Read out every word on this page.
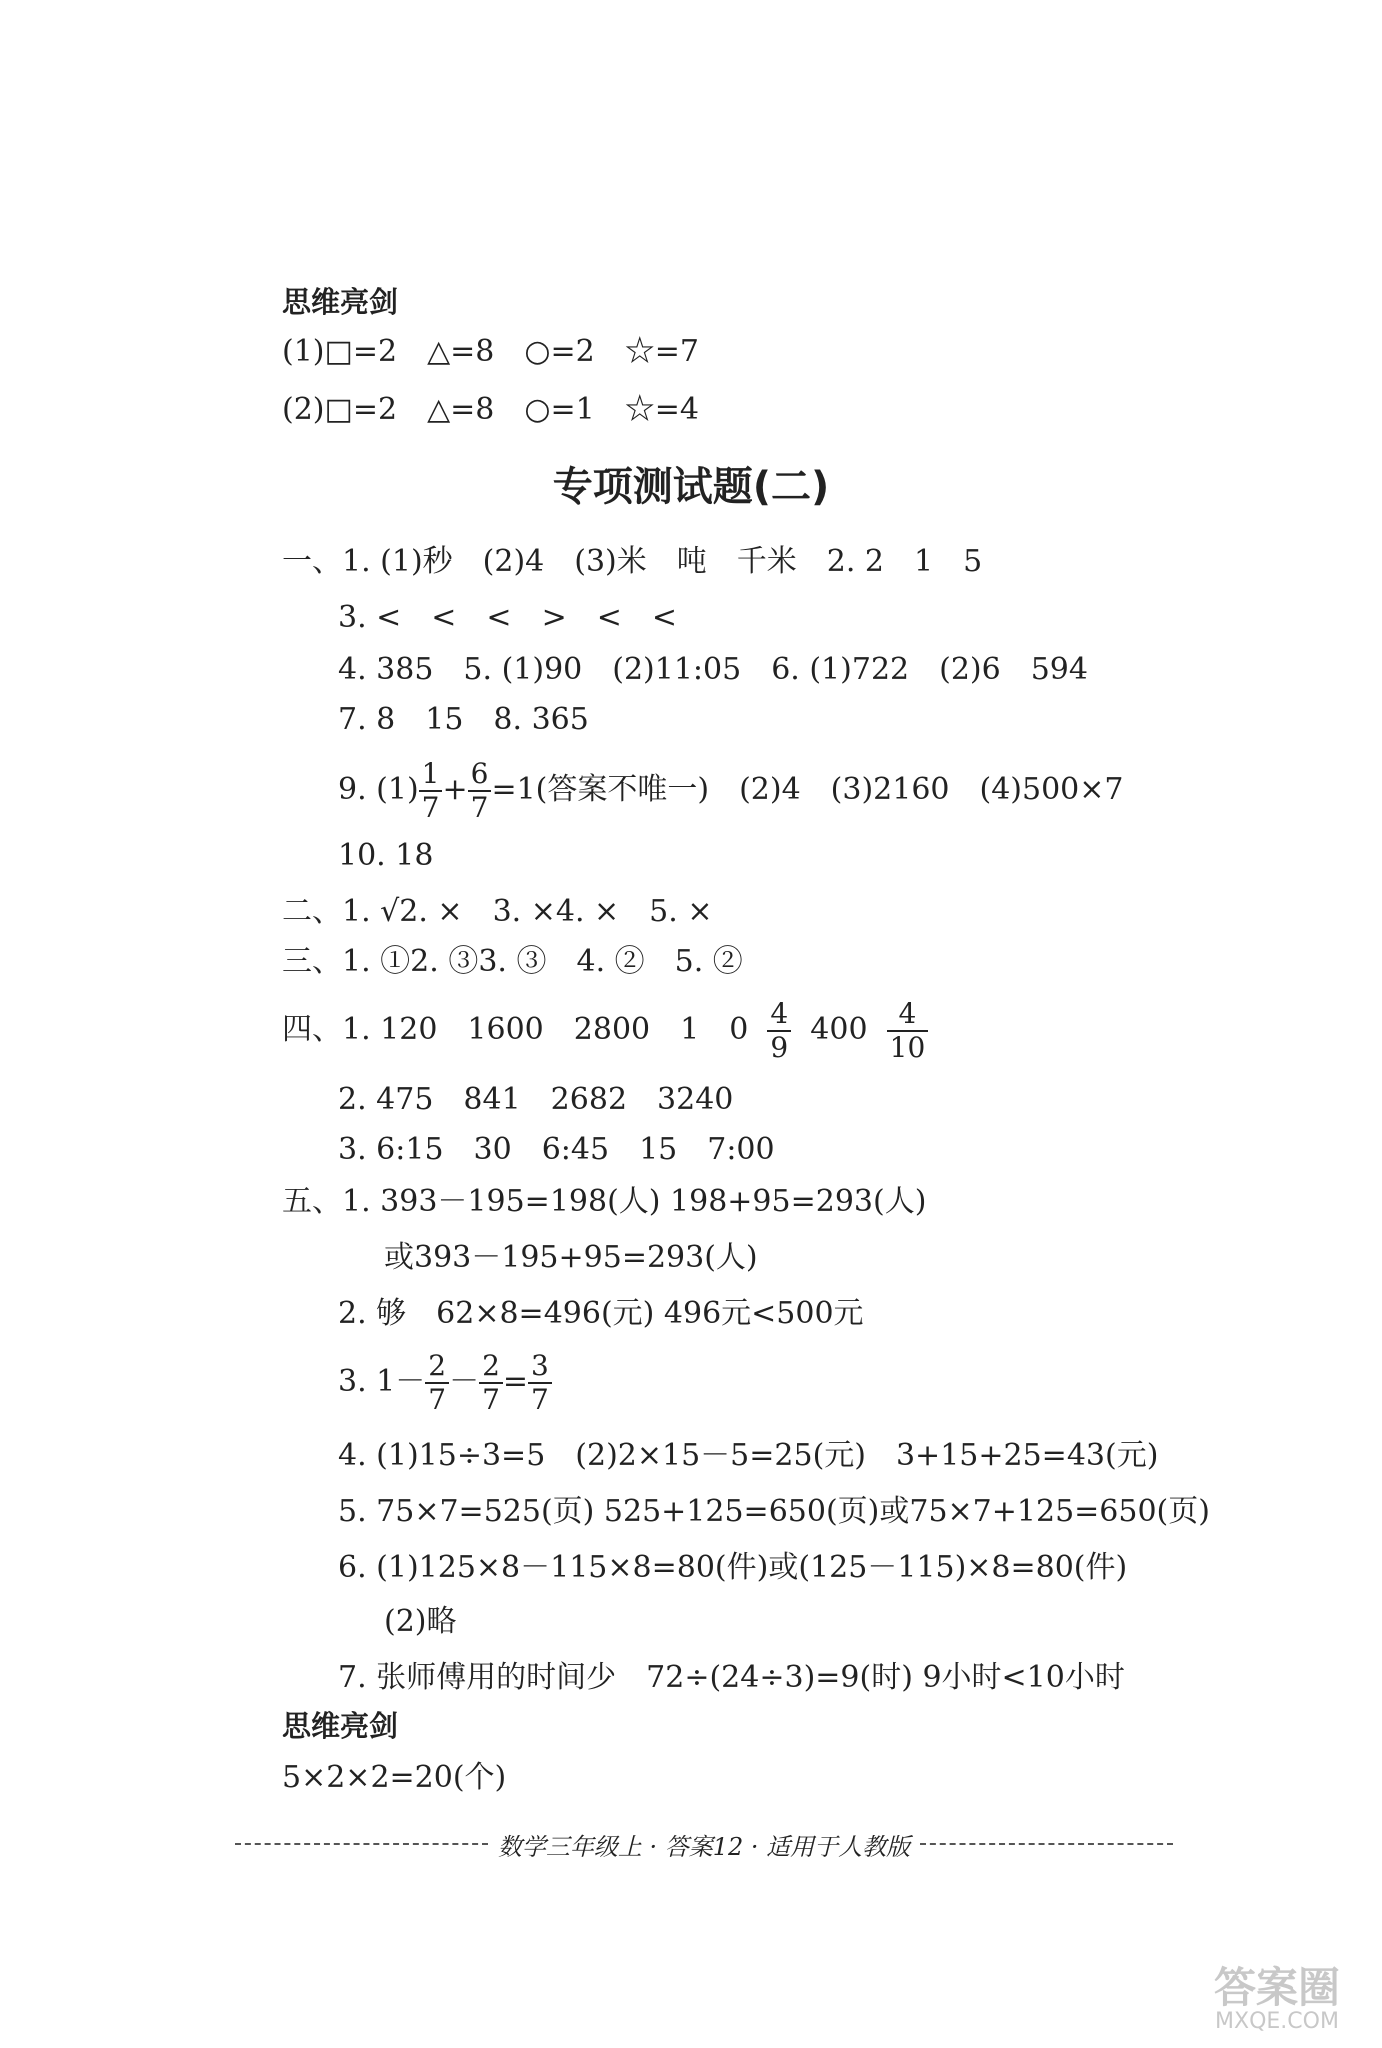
思维亮剑
(1)□=2　△=8　○=2　☆=7
(2)□=2　△=8　○=1　☆=4
专项测试题(二)
一、1. (1)秒　(2)4　(3)米　吨　千米　2. 2　1　5
3. <　<　<　>　<　<
4. 385　5. (1)90　(2)11:05　6. (1)722　(2)6　594
7. 8　15　8. 365
9. $(1) \frac{1}{7} + \frac{6}{7} =1$(答案不唯一)　(2)4　(3)2160　(4)500×7
10. 18
二、1. √2. ×　3. ×4. ×　5. ×
三、1. ①2. ③3. ③　4. ②　5. ②
四、1. 120　1600　2800　1　$0 \frac{4}{9} 400 \frac{4}{10}$
2. 475　841　2682　3240
3. 6:15　30　6:45　15　7:00
五、1. 393－195=198(人) 198+95=293(人)
或393－195+95=293(人)
2. 够　62×8=496(元) 496元<500元
3. $1- \frac{2}{7} - \frac{2}{7} = \frac{3}{7}$
4. (1)15÷3=5　(2)2×15－5=25(元)　3+15+25=43(元)
5. 75×7=525(页) 525+125=650(页)或75×7+125=650(页)
6. (1)125×8－115×8=80(件)或(125－115)×8=80(件)
(2)略
7. 张师傅用的时间少　72÷(24÷3)=9(时) 9小时<10小时
思维亮剑
5×2×2=20(个)
数学三年级上 · 答案12 · 适用于人教版
答案圈
MXQE.COM
